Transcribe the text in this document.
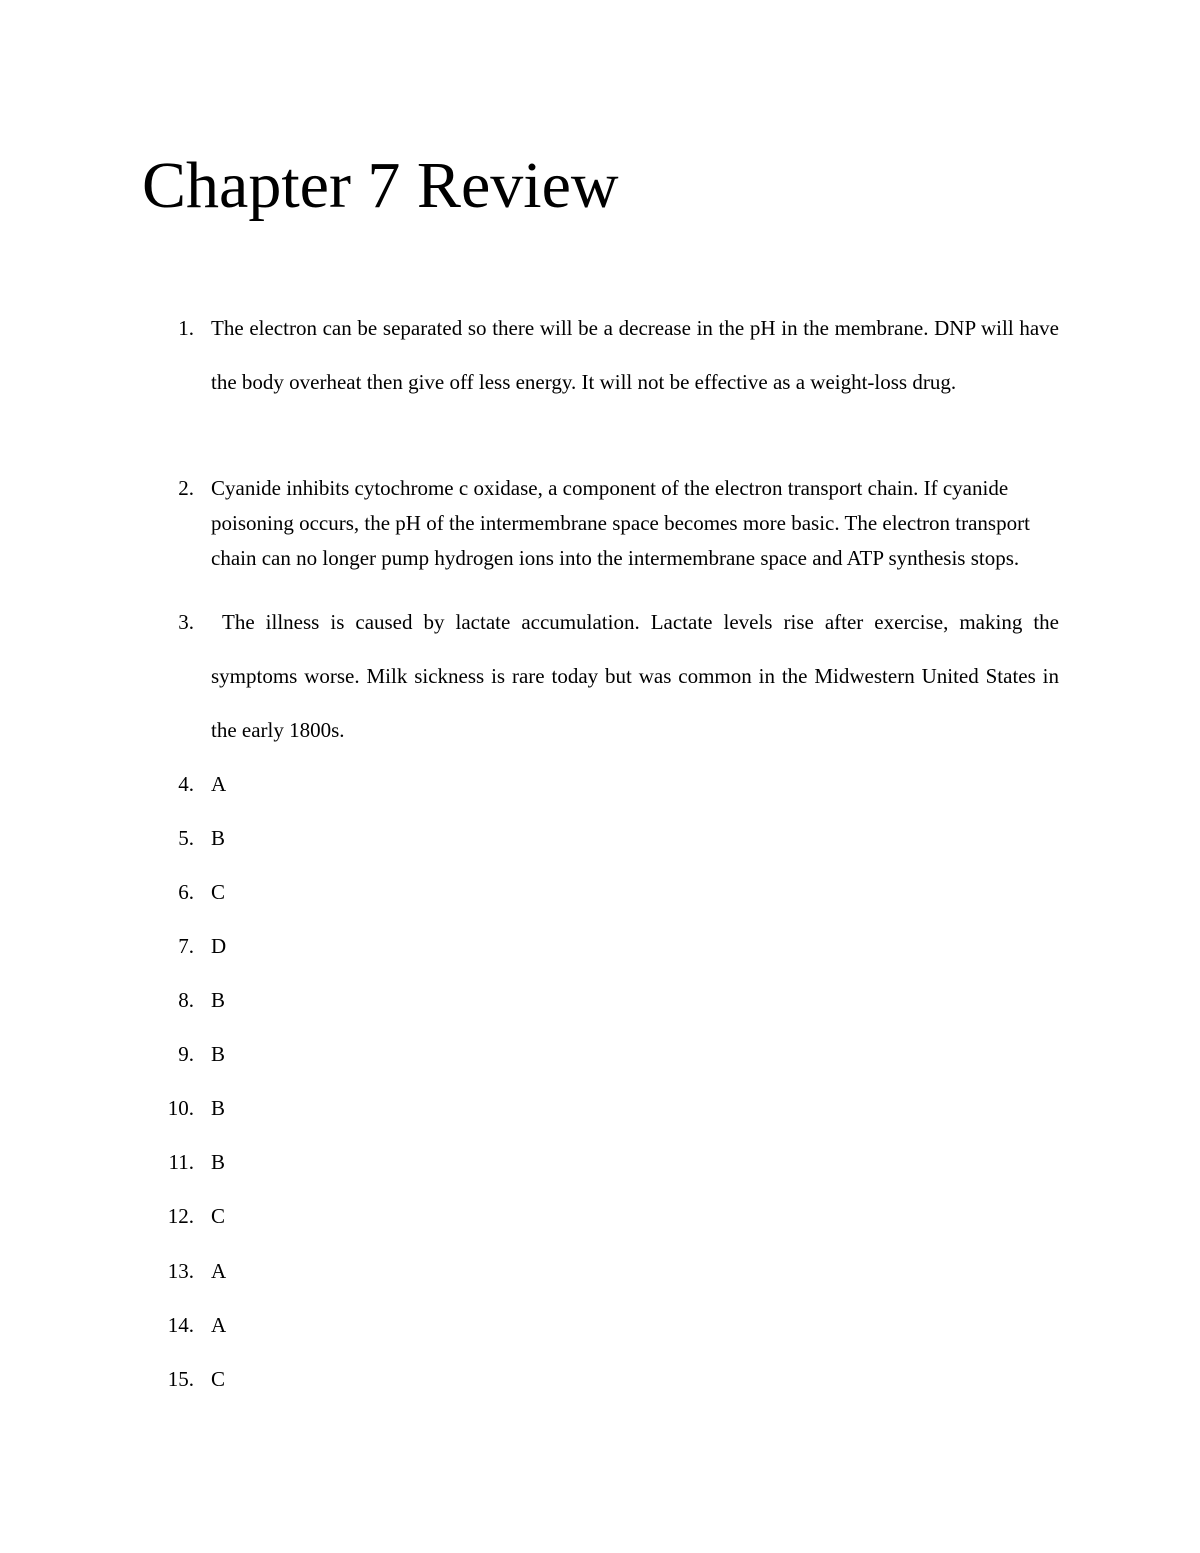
Chapter 7 Review
1. The electron can be separated so there will be a decrease in the pH in the membrane. DNP will have the body overheat then give off less energy. It will not be effective as a weight-loss drug.
2. Cyanide inhibits cytochrome c oxidase, a component of the electron transport chain. If cyanide poisoning occurs, the pH of the intermembrane space becomes more basic. The electron transport chain can no longer pump hydrogen ions into the intermembrane space and ATP synthesis stops.
3. The illness is caused by lactate accumulation. Lactate levels rise after exercise, making the symptoms worse. Milk sickness is rare today but was common in the Midwestern United States in the early 1800s.
4. A
5. B
6. C
7. D
8. B
9. B
10. B
11. B
12. C
13. A
14. A
15. C
